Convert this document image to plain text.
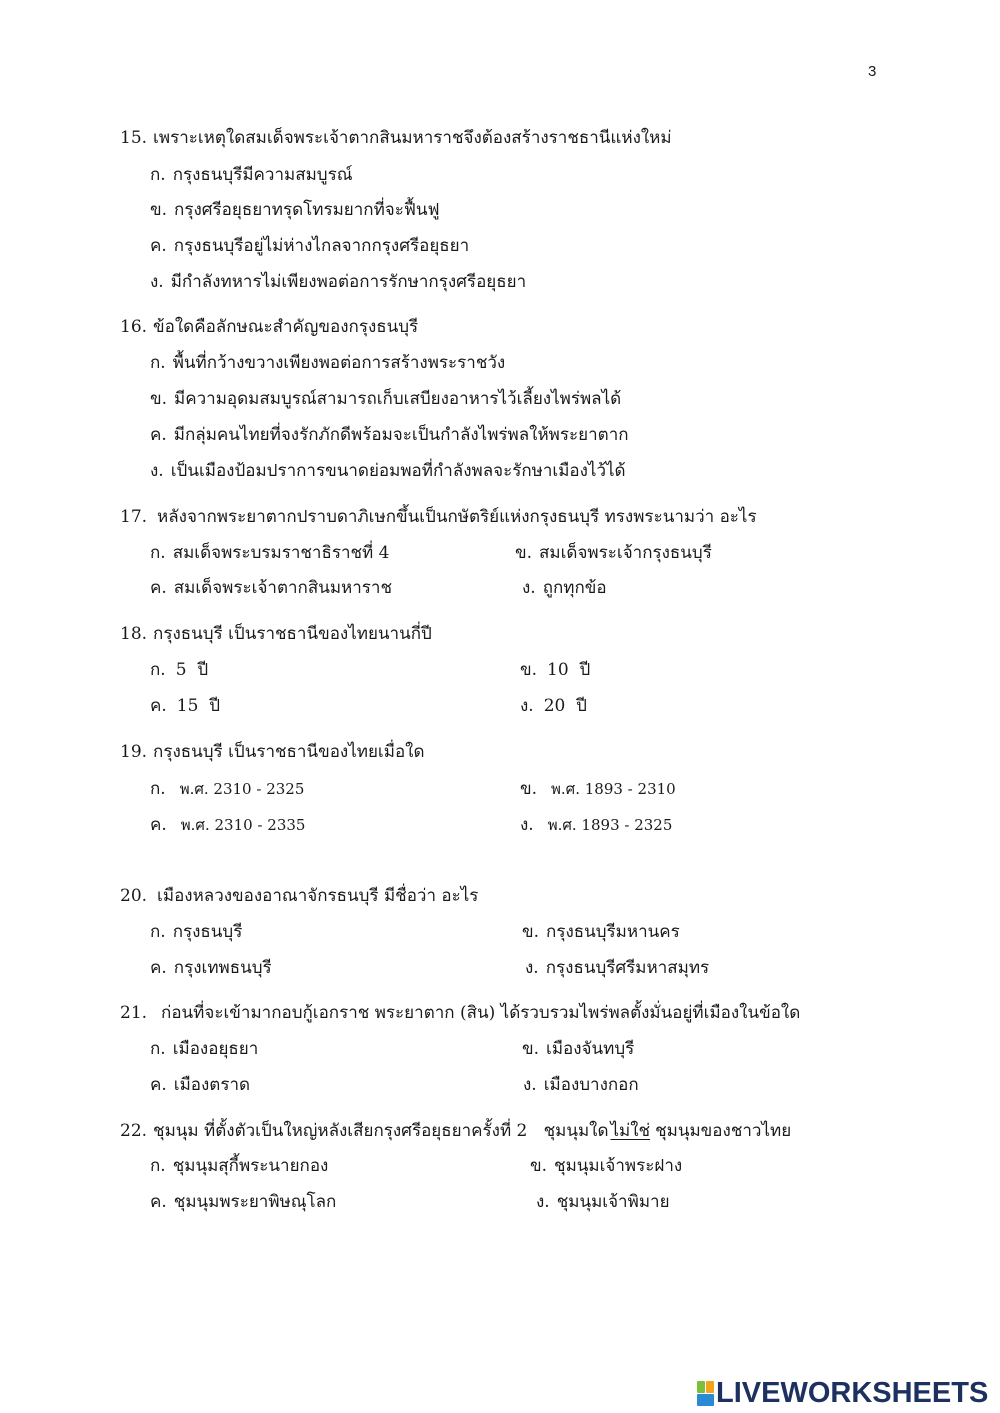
3
15. เพราะเหตุใดสมเด็จพระเจ้าตากสินมหาราชจึงต้องสร้างราชธานีแห่งใหม่
ก. กรุงธนบุรีมีความสมบูรณ์
ข. กรุงศรีอยุธยาทรุดโทรมยากที่จะฟื้นฟู
ค. กรุงธนบุรีอยู่ไม่ห่างไกลจากกรุงศรีอยุธยา
ง. มีกำลังทหารไม่เพียงพอต่อการรักษากรุงศรีอยุธยา
16. ข้อใดคือลักษณะสำคัญของกรุงธนบุรี
ก. พื้นที่กว้างขวางเพียงพอต่อการสร้างพระราชวัง
ข. มีความอุดมสมบูรณ์สามารถเก็บเสบียงอาหารไว้เลี้ยงไพร่พลได้
ค. มีกลุ่มคนไทยที่จงรักภักดีพร้อมจะเป็นกำลังไพร่พลให้พระยาตาก
ง. เป็นเมืองป้อมปราการขนาดย่อมพอที่กำลังพลจะรักษาเมืองไว้ได้
17. หลังจากพระยาตากปราบดาภิเษกขึ้นเป็นกษัตริย์แห่งกรุงธนบุรี ทรงพระนามว่า อะไร
ก. สมเด็จพระบรมราชาธิราชที่ 4	ข. สมเด็จพระเจ้ากรุงธนบุรี
ค. สมเด็จพระเจ้าตากสินมหาราช	ง. ถูกทุกข้อ
18. กรุงธนบุรี เป็นราชธานีของไทยนานกี่ปี
ก. 5  ปี	ข. 10  ปี
ค. 15  ปี	ง. 20  ปี
19. กรุงธนบุรี เป็นราชธานีของไทยเมื่อใด
ก. พ.ศ. 2310 - 2325	ข. พ.ศ. 1893 - 2310
ค. พ.ศ. 2310 - 2335	ง. พ.ศ. 1893 - 2325
20. เมืองหลวงของอาณาจักรธนบุรี มีชื่อว่า อะไร
ก. กรุงธนบุรี	ข. กรุงธนบุรีมหานคร
ค. กรุงเทพธนบุรี	ง. กรุงธนบุรีศรีมหาสมุทร
21. ก่อนที่จะเข้ามากอบกู้เอกราช พระยาตาก (สิน) ได้รวบรวมไพร่พลตั้งมั่นอยู่ที่เมืองในข้อใด
ก. เมืองอยุธยา	ข. เมืองจันทบุรี
ค. เมืองตราด	ง. เมืองบางกอก
22. ชุมนุม ที่ตั้งตัวเป็นใหญ่หลังเสียกรุงศรีอยุธยาครั้งที่ 2   ชุมนุมใด ไม่ใช่ ชุมนุมของชาวไทย
ก. ชุมนุมสุกี้พระนายกอง	ข. ชุมนุมเจ้าพระฝาง
ค. ชุมนุมพระยาพิษณุโลก	ง. ชุมนุมเจ้าพิมาย
LIVEWORKSHEETS
